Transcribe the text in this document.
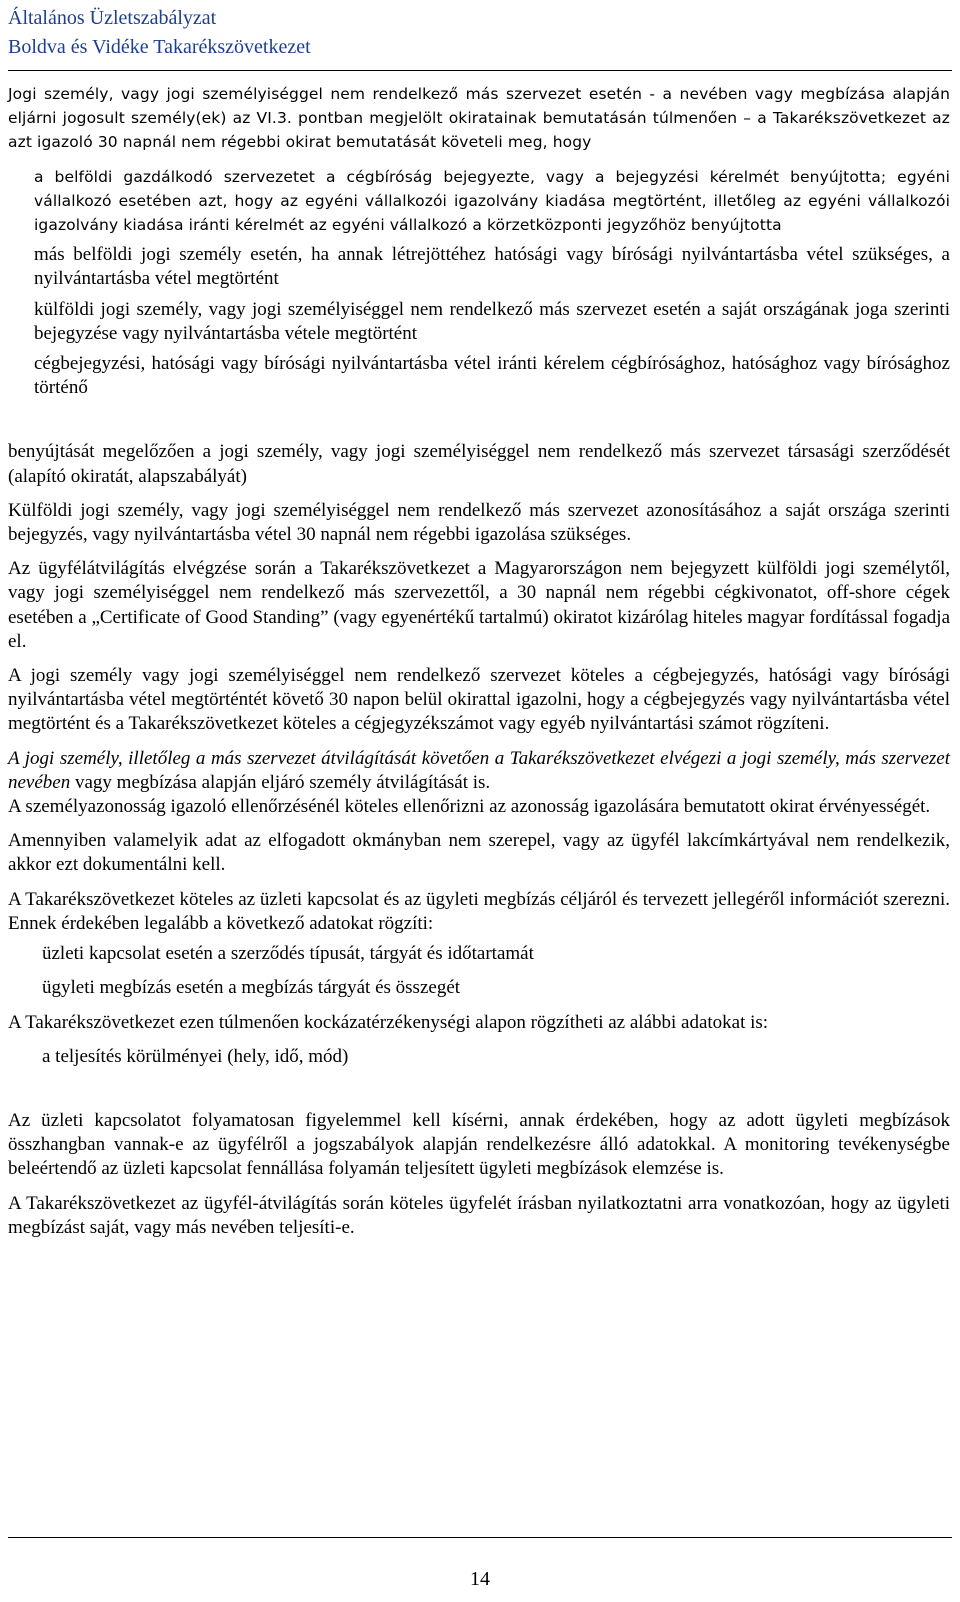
Általános Üzletszabályzat
Boldva és Vidéke Takarékszövetkezet

Jogi személy, vagy jogi személyiséggel nem rendelkező más szervezet esetén - a nevében vagy megbízása alapján eljárni jogosult személy(ek) az VI.3. pontban megjelölt okiratainak bemutatásán túlmenően – a Takarékszövetkezet az azt igazoló 30 napnál nem régebbi okirat bemutatását követeli meg, hogy

a belföldi gazdálkodó szervezetet a cégbíróság bejegyezte, vagy a bejegyzési kérelmét benyújtotta; egyéni vállalkozó esetében azt, hogy az egyéni vállalkozói igazolvány kiadása megtörtént, illetőleg az egyéni vállalkozói igazolvány kiadása iránti kérelmét az egyéni vállalkozó a körzetközponti jegyzőhöz benyújtotta
más belföldi jogi személy esetén, ha annak létrejöttéhez hatósági vagy bírósági nyilvántartásba vétel szükséges, a nyilvántartásba vétel megtörtént
külföldi jogi személy, vagy jogi személyiséggel nem rendelkező más szervezet esetén a saját országának joga szerinti bejegyzése vagy nyilvántartásba vétele megtörtént
cégbejegyzési, hatósági vagy bírósági nyilvántartásba vétel iránti kérelem cégbírósághoz, hatósághoz vagy bírósághoz történő

benyújtását megelőzően a jogi személy, vagy jogi személyiséggel nem rendelkező más szervezet társasági szerződését (alapító okiratát, alapszabályát)

Külföldi jogi személy, vagy jogi személyiséggel nem rendelkező más szervezet azonosításához a saját országa szerinti bejegyzés, vagy nyilvántartásba vétel 30 napnál nem régebbi igazolása szükséges.

Az ügyfélátvilágítás elvégzése során a Takarékszövetkezet a Magyarországon nem bejegyzett külföldi jogi személytől, vagy jogi személyiséggel nem rendelkező más szervezettől, a 30 napnál nem régebbi cégkivonatot, off-shore cégek esetében a „Certificate of Good Standing” (vagy egyenértékű tartalmú) okiratot kizárólag hiteles magyar fordítással fogadja el.

A jogi személy vagy jogi személyiséggel nem rendelkező szervezet köteles a cégbejegyzés, hatósági vagy bírósági nyilvántartásba vétel megtörténtét követő 30 napon belül okirattal igazolni, hogy a cégbejegyzés vagy nyilvántartásba vétel megtörtént és a Takarékszövetkezet köteles a cégjegyzékszámot vagy egyéb nyilvántartási számot rögzíteni.

A jogi személy, illetőleg a más szervezet átvilágítását követően a Takarékszövetkezet elvégezi a jogi személy, más szervezet nevében vagy megbízása alapján eljáró személy átvilágítását is.

A személyazonosság igazoló ellenőrzésénél köteles ellenőrizni az azonosság igazolására bemutatott okirat érvényességét.

Amennyiben valamelyik adat az elfogadott okmányban nem szerepel, vagy az ügyfél lakcímkártyával nem rendelkezik, akkor ezt dokumentálni kell.

A Takarékszövetkezet köteles az üzleti kapcsolat és az ügyleti megbízás céljáról és tervezett jellegéről információt szerezni. Ennek érdekében legalább a következő adatokat rögzíti:

üzleti kapcsolat esetén a szerződés típusát, tárgyát és időtartamát
ügyleti megbízás esetén a megbízás tárgyát és összegét

A Takarékszövetkezet ezen túlmenően kockázatérzékenységi alapon rögzítheti az alábbi adatokat is:

a teljesítés körülményei (hely, idő, mód)

Az üzleti kapcsolatot folyamatosan figyelemmel kell kísérni, annak érdekében, hogy az adott ügyleti megbízások összhangban vannak-e az ügyfélről a jogszabályok alapján rendelkezésre álló adatokkal. A monitoring tevékenységbe beleértendő az üzleti kapcsolat fennállása folyamán teljesített ügyleti megbízások elemzése is.

A Takarékszövetkezet az ügyfél-átvilágítás során köteles ügyfelét írásban nyilatkoztatni arra vonatkozóan, hogy az ügyleti megbízást saját, vagy más nevében teljesíti-e.

14
